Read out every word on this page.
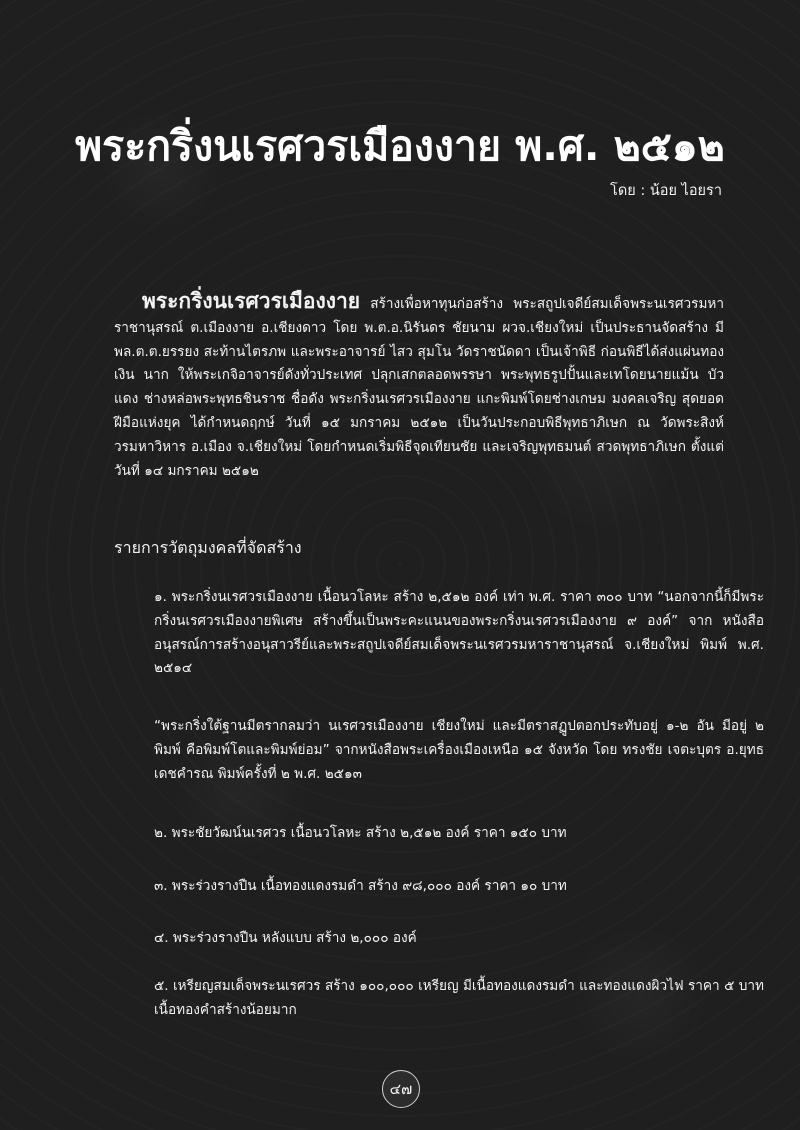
พระกริ่งนเรศวรเมืองงาย พ.ศ. ๒๕๑๒
โดย : น้อย ไอยรา
พระกริ่งนเรศวรเมืองงาย สร้างเพื่อหาทุนก่อสร้าง พระสถูปเจดีย์สมเด็จพระนเรศวรมหาราชานุสรณ์ ต.เมืองงาย อ.เชียงดาว โดย พ.ต.อ.นิรันดร ชัยนาม ผวจ.เชียงใหม่ เป็นประธานจัดสร้าง มี พล.ต.ต.ยรรยง สะท้านไตรภพ และพระอาจารย์ ไสว สุมโน วัดราชนัดดา เป็นเจ้าพิธี ก่อนพิธีได้ส่งแผ่นทอง เงิน นาก ให้พระเกจิอาจารย์ดังทั่วประเทศ ปลุกเสกตลอดพรรษา พระพุทธรูปปั้นและเทโดยนายแม้น บัวแดง ช่างหล่อพระพุทธชินราช ชื่อดัง พระกริ่งนเรศวรเมืองงาย แกะพิมพ์โดยช่างเกษม มงคลเจริญ สุดยอดฝีมือแห่งยุค ได้กำหนดฤกษ์ วันที่ ๑๕ มกราคม ๒๕๑๒ เป็นวันประกอบพิธีพุทธาภิเษก ณ วัดพระสิงห์วรมหาวิหาร อ.เมือง จ.เชียงใหม่ โดยกำหนดเริ่มพิธีจุดเทียนชัย และเจริญพุทธมนต์ สวดพุทธาภิเษก ตั้งแต่วันที่ ๑๔ มกราคม ๒๕๑๒
รายการวัตถุมงคลที่จัดสร้าง
๑. พระกริ่งนเรศวรเมืองงาย เนื้อนวโลหะ สร้าง ๒,๕๑๒ องค์ เท่า พ.ศ. ราคา ๓๐๐ บาท “นอกจากนี้ก็มีพระกริ่งนเรศวรเมืองงายพิเศษ สร้างขึ้นเป็นพระคะแนนของพระกริ่งนเรศวรเมืองงาย ๙ องค์” จาก หนังสืออนุสรณ์การสร้างอนุสาวรีย์และพระสถูปเจดีย์สมเด็จพระนเรศวรมหาราชานุสรณ์ จ.เชียงใหม่ พิมพ์ พ.ศ. ๒๕๑๔
“พระกริ่งใต้ฐานมีตรากลมว่า นเรศวรเมืองงาย เชียงใหม่ และมีตราสฏูปตอกประทับอยู่ ๑-๒ อัน มีอยู่ ๒ พิมพ์ คือพิมพ์โตและพิมพ์ย่อม” จากหนังสือพระเครื่องเมืองเหนือ ๑๕ จังหวัด โดย ทรงชัย เจตะบุตร อ.ยุทธ เดชคำรณ พิมพ์ครั้งที่ ๒ พ.ศ. ๒๕๑๓
๒. พระชัยวัฒน์นเรศวร เนื้อนวโลหะ สร้าง ๒,๕๑๒ องค์ ราคา ๑๕๐ บาท
๓. พระร่วงรางปืน เนื้อทองแดงรมดำ สร้าง ๙๘,๐๐๐ องค์ ราคา ๑๐ บาท
๔. พระร่วงรางปืน หลังแบบ สร้าง ๒,๐๐๐ องค์
๕. เหรียญสมเด็จพระนเรศวร สร้าง ๑๐๐,๐๐๐ เหรียญ มีเนื้อทองแดงรมดำ และทองแดงผิวไฟ ราคา ๕ บาท เนื้อทองคำสร้างน้อยมาก
๔๗
